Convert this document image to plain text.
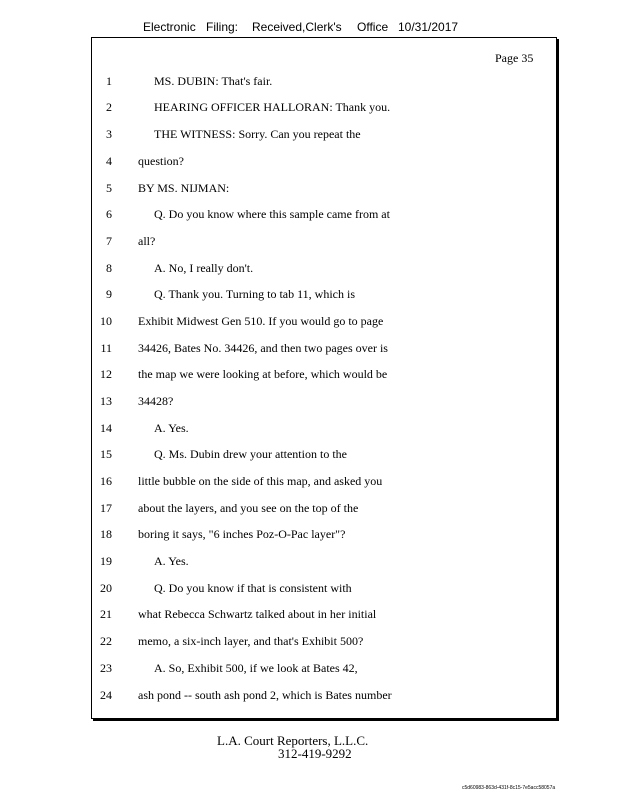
Electronic Filing: Received,Clerk's Office 10/31/2017
Page 35
1
2
3
4
5
6
7
8
9
10
11
12
13
14
15
16
17
18
19
20
21
22
23
24
MS. DUBIN: That's fair.
HEARING OFFICER HALLORAN: Thank you.
THE WITNESS: Sorry. Can you repeat the
question?
BY MS. NIJMAN:
Q. Do you know where this sample came from at
all?
A. No, I really don't.
Q. Thank you. Turning to tab 11, which is
Exhibit Midwest Gen 510. If you would go to page
34426, Bates No. 34426, and then two pages over is
the map we were looking at before, which would be
34428?
A. Yes.
Q. Ms. Dubin drew your attention to the
little bubble on the side of this map, and asked you
about the layers, and you see on the top of the
boring it says, "6 inches Poz-O-Pac layer"?
A. Yes.
Q. Do you know if that is consistent with
what Rebecca Schwartz talked about in her initial
memo, a six-inch layer, and that's Exhibit 500?
A. So, Exhibit 500, if we look at Bates 42,
ash pond -- south ash pond 2, which is Bates number
L.A. Court Reporters, L.L.C.
312-419-9292
c5d60983-863d-431f-8c15-7e5acc58057a
